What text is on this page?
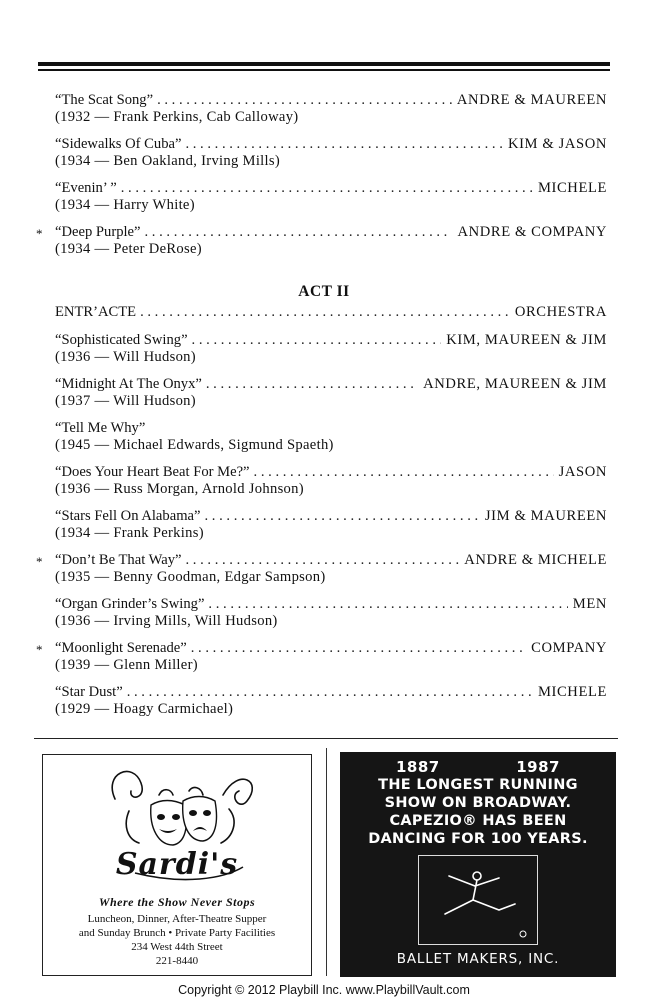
“The Scat Song” . . .	ANDRE & MAUREEN
(1932 — Frank Perkins, Cab Calloway)
“Sidewalks Of Cuba” . . .	KIM & JASON
(1934 — Ben Oakland, Irving Mills)
“Evenin’ ” . . .	MICHELE
(1934 — Harry White)
* “Deep Purple” . . .	ANDRE & COMPANY
(1934 — Peter DeRose)
ACT II
ENTR’ACTE . . .	ORCHESTRA
“Sophisticated Swing” . . .	KIM, MAUREEN & JIM
(1936 — Will Hudson)
“Midnight At The Onyx” . . .	ANDRE, MAUREEN & JIM
(1937 — Will Hudson)
“Tell Me Why”
(1945 — Michael Edwards, Sigmund Spaeth)
“Does Your Heart Beat For Me?” . . .	JASON
(1936 — Russ Morgan, Arnold Johnson)
“Stars Fell On Alabama” . . .	JIM & MAUREEN
(1934 — Frank Perkins)
* “Don’t Be That Way” . . .	ANDRE & MICHELE
(1935 — Benny Goodman, Edgar Sampson)
“Organ Grinder’s Swing” . . .	MEN
(1936 — Irving Mills, Will Hudson)
* “Moonlight Serenade” . . .	COMPANY
(1939 — Glenn Miller)
“Star Dust” . . .	MICHELE
(1929 — Hoagy Carmichael)
Sardi's
Where the Show Never Stops
Luncheon, Dinner, After-Theatre Supper
and Sunday Brunch • Private Party Facilities
234 West 44th Street
221-8440
1887	1987
THE LONGEST RUNNING
SHOW ON BROADWAY.
CAPEZIO® HAS BEEN
DANCING FOR 100 YEARS.
BALLET MAKERS, INC.
Copyright © 2012 Playbill Inc. www.PlaybillVault.com
